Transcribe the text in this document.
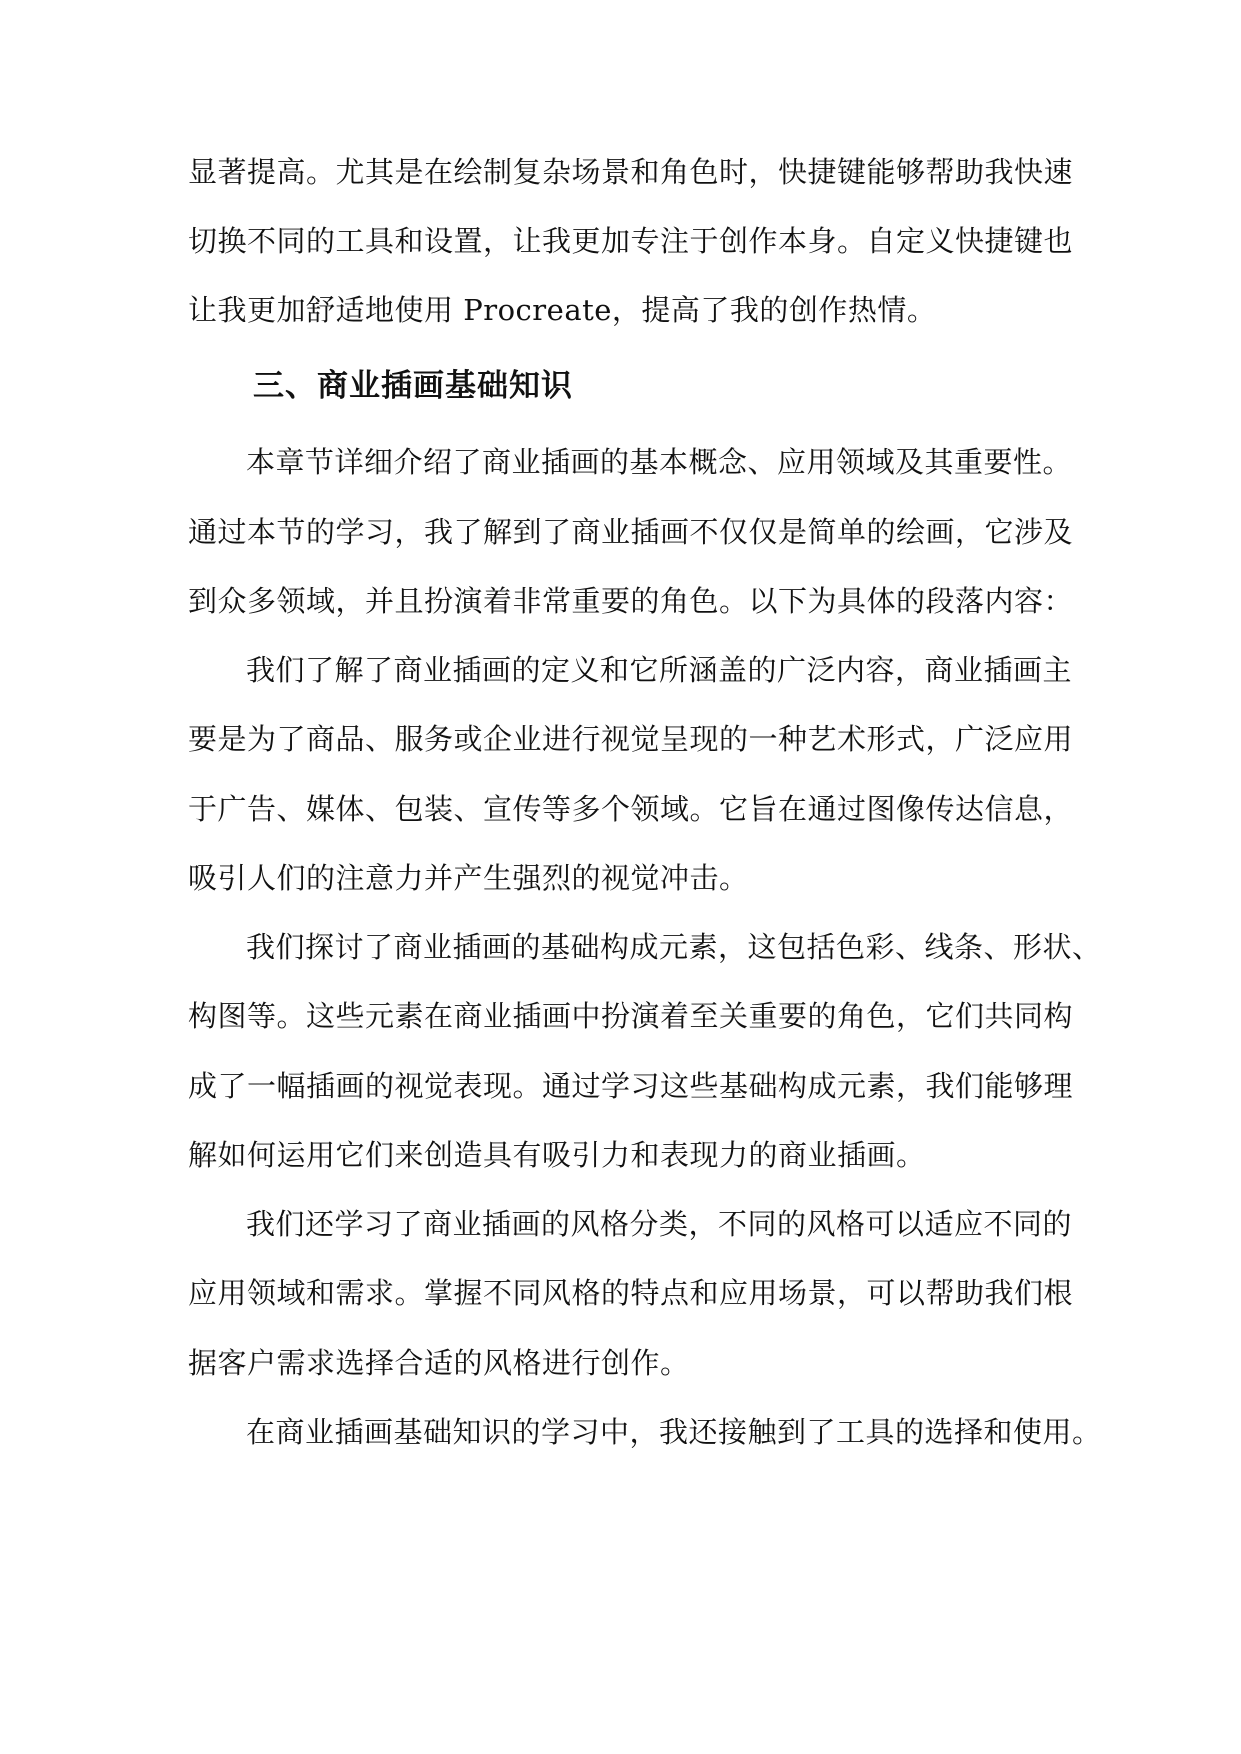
显著提高。尤其是在绘制复杂场景和角色时，快捷键能够帮助我快速
切换不同的工具和设置，让我更加专注于创作本身。自定义快捷键也
让我更加舒适地使用 Procreate，提高了我的创作热情。
三、商业插画基础知识
本章节详细介绍了商业插画的基本概念、应用领域及其重要性。
通过本节的学习，我了解到了商业插画不仅仅是简单的绘画，它涉及
到众多领域，并且扮演着非常重要的角色。以下为具体的段落内容：
我们了解了商业插画的定义和它所涵盖的广泛内容，商业插画主
要是为了商品、服务或企业进行视觉呈现的一种艺术形式，广泛应用
于广告、媒体、包装、宣传等多个领域。它旨在通过图像传达信息，
吸引人们的注意力并产生强烈的视觉冲击。
我们探讨了商业插画的基础构成元素，这包括色彩、线条、形状、
构图等。这些元素在商业插画中扮演着至关重要的角色，它们共同构
成了一幅插画的视觉表现。通过学习这些基础构成元素，我们能够理
解如何运用它们来创造具有吸引力和表现力的商业插画。
我们还学习了商业插画的风格分类，不同的风格可以适应不同的
应用领域和需求。掌握不同风格的特点和应用场景，可以帮助我们根
据客户需求选择合适的风格进行创作。
在商业插画基础知识的学习中，我还接触到了工具的选择和使用。
